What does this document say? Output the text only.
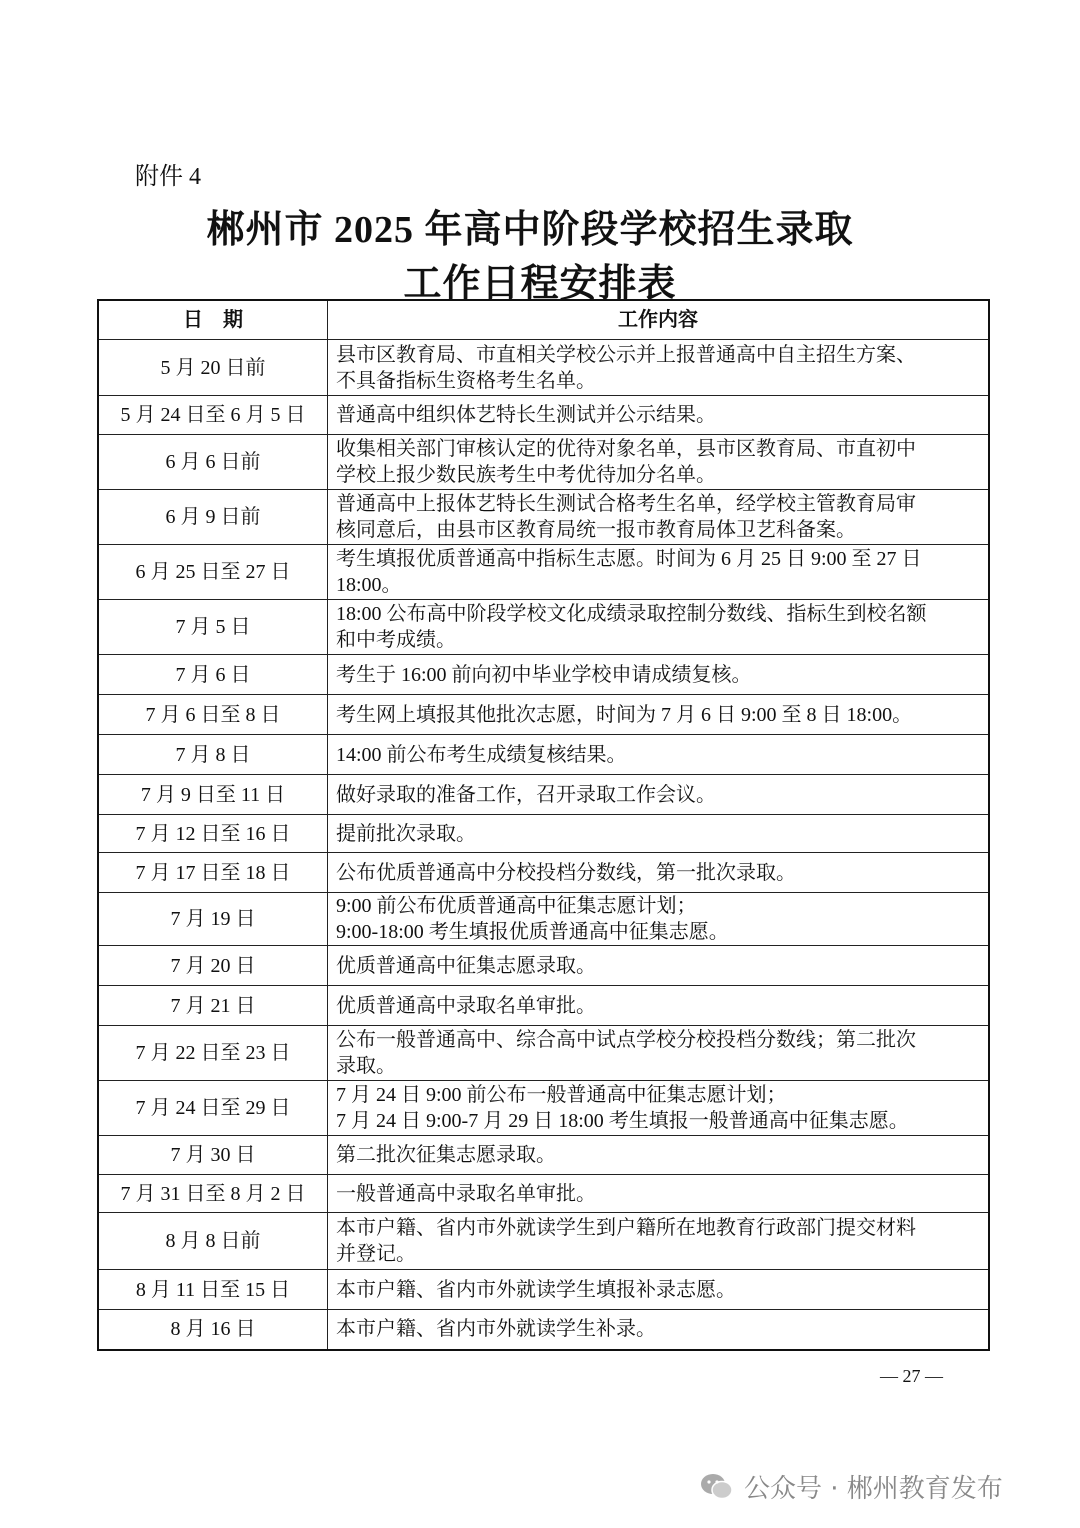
附件 4
郴州市 2025 年高中阶段学校招生录取
工作日程安排表
日　期	工作内容
5 月 20 日前	县市区教育局、市直相关学校公示并上报普通高中自主招生方案、
不具备指标生资格考生名单。
5 月 24 日至 6 月 5 日	普通高中组织体艺特长生测试并公示结果。
6 月 6 日前	收集相关部门审核认定的优待对象名单，县市区教育局、市直初中
学校上报少数民族考生中考优待加分名单。
6 月 9 日前	普通高中上报体艺特长生测试合格考生名单，经学校主管教育局审
核同意后，由县市区教育局统一报市教育局体卫艺科备案。
6 月 25 日至 27 日	考生填报优质普通高中指标生志愿。时间为 6 月 25 日 9:00 至 27 日
18:00。
7 月 5 日	18:00 公布高中阶段学校文化成绩录取控制分数线、指标生到校名额
和中考成绩。
7 月 6 日	考生于 16:00 前向初中毕业学校申请成绩复核。
7 月 6 日至 8 日	考生网上填报其他批次志愿，时间为 7 月 6 日 9:00 至 8 日 18:00。
7 月 8 日	14:00 前公布考生成绩复核结果。
7 月 9 日至 11 日	做好录取的准备工作，召开录取工作会议。
7 月 12 日至 16 日	提前批次录取。
7 月 17 日至 18 日	公布优质普通高中分校投档分数线，第一批次录取。
7 月 19 日	9:00 前公布优质普通高中征集志愿计划；
9:00-18:00 考生填报优质普通高中征集志愿。
7 月 20 日	优质普通高中征集志愿录取。
7 月 21 日	优质普通高中录取名单审批。
7 月 22 日至 23 日	公布一般普通高中、综合高中试点学校分校投档分数线；第二批次
录取。
7 月 24 日至 29 日	7 月 24 日 9:00 前公布一般普通高中征集志愿计划；
7 月 24 日 9:00-7 月 29 日 18:00 考生填报一般普通高中征集志愿。
7 月 30 日	第二批次征集志愿录取。
7 月 31 日至 8 月 2 日	一般普通高中录取名单审批。
8 月 8 日前	本市户籍、省内市外就读学生到户籍所在地教育行政部门提交材料
并登记。
8 月 11 日至 15 日	本市户籍、省内市外就读学生填报补录志愿。
8 月 16 日	本市户籍、省内市外就读学生补录。
— 27 —
公众号 · 郴州教育发布
